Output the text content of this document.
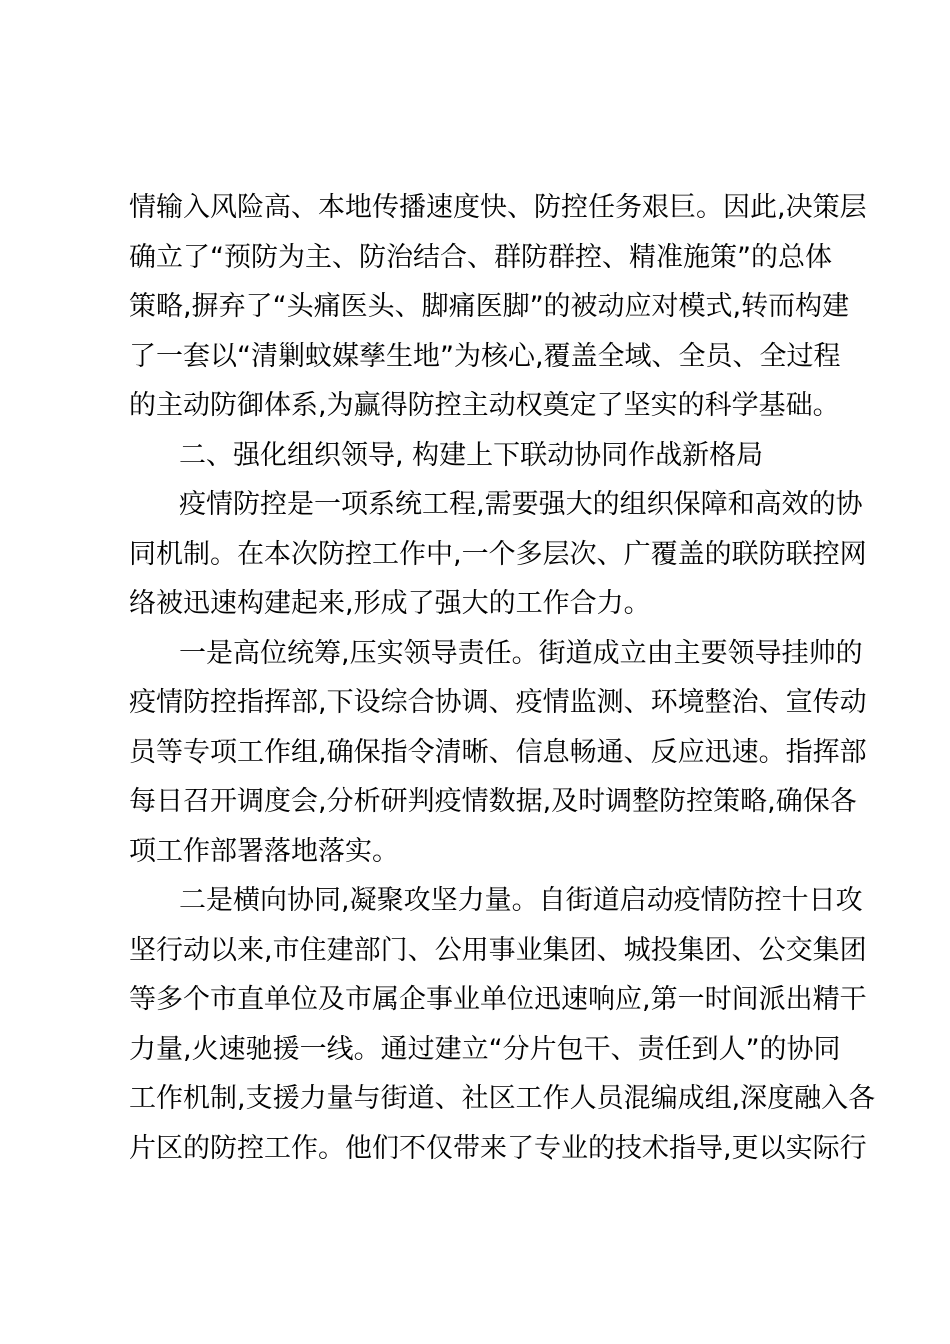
情输入风险高、本地传播速度快、防控任务艰巨。因此,决策层
确立了“预防为主、防治结合、群防群控、精准施策”的总体
策略,摒弃了“头痛医头、脚痛医脚”的被动应对模式,转而构建
了一套以“清剿蚊媒孳生地”为核心,覆盖全域、全员、全过程
的主动防御体系,为赢得防控主动权奠定了坚实的科学基础。
二、强化组织领导, 构建上下联动协同作战新格局
疫情防控是一项系统工程,需要强大的组织保障和高效的协
同机制。在本次防控工作中,一个多层次、广覆盖的联防联控网
络被迅速构建起来,形成了强大的工作合力。
一是高位统筹,压实领导责任。街道成立由主要领导挂帅的
疫情防控指挥部,下设综合协调、疫情监测、环境整治、宣传动
员等专项工作组,确保指令清晰、信息畅通、反应迅速。指挥部
每日召开调度会,分析研判疫情数据,及时调整防控策略,确保各
项工作部署落地落实。
二是横向协同,凝聚攻坚力量。自街道启动疫情防控十日攻
坚行动以来,市住建部门、公用事业集团、城投集团、公交集团
等多个市直单位及市属企事业单位迅速响应,第一时间派出精干
力量,火速驰援一线。通过建立“分片包干、责任到人”的协同
工作机制,支援力量与街道、社区工作人员混编成组,深度融入各
片区的防控工作。他们不仅带来了专业的技术指导,更以实际行
